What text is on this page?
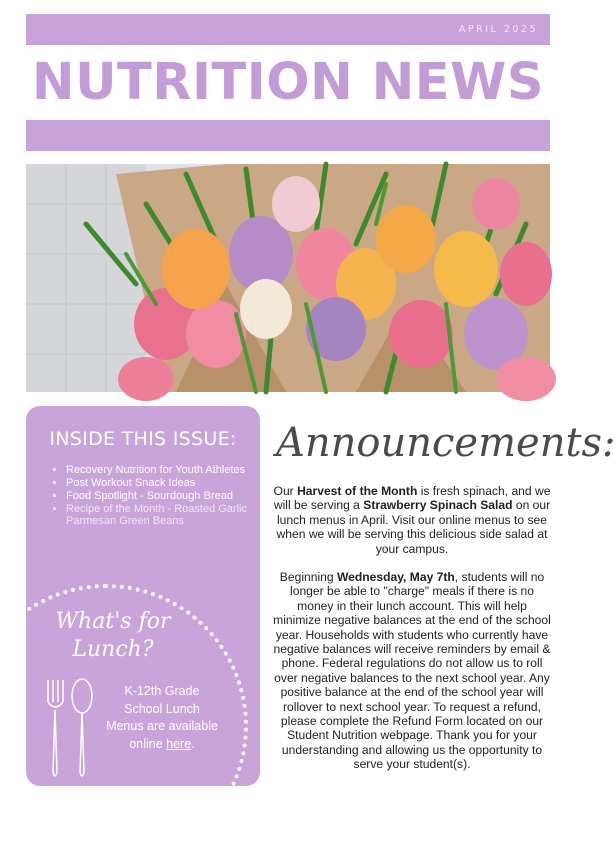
APRIL 2025
NUTRITION NEWS
INSIDE THIS ISSUE:
• Recovery Nutrition for Youth Athletes
• Post Workout Snack Ideas
• Food Spotlight - Sourdough Bread
• Recipe of the Month - Roasted Garlic Parmesan Green Beans
What's for
Lunch?
K-12th Grade School Lunch Menus are available online here.
Announcements:
Our Harvest of the Month is fresh spinach, and we will be serving a Strawberry Spinach Salad on our lunch menus in April. Visit our online menus to see when we will be serving this delicious side salad at your campus.
Beginning Wednesday, May 7th, students will no longer be able to "charge" meals if there is no money in their lunch account. This will help minimize negative balances at the end of the school year. Households with students who currently have negative balances will receive reminders by email & phone. Federal regulations do not allow us to roll over negative balances to the next school year. Any positive balance at the end of the school year will rollover to next school year. To request a refund, please complete the Refund Form located on our Student Nutrition webpage. Thank you for your understanding and allowing us the opportunity to serve your student(s).
